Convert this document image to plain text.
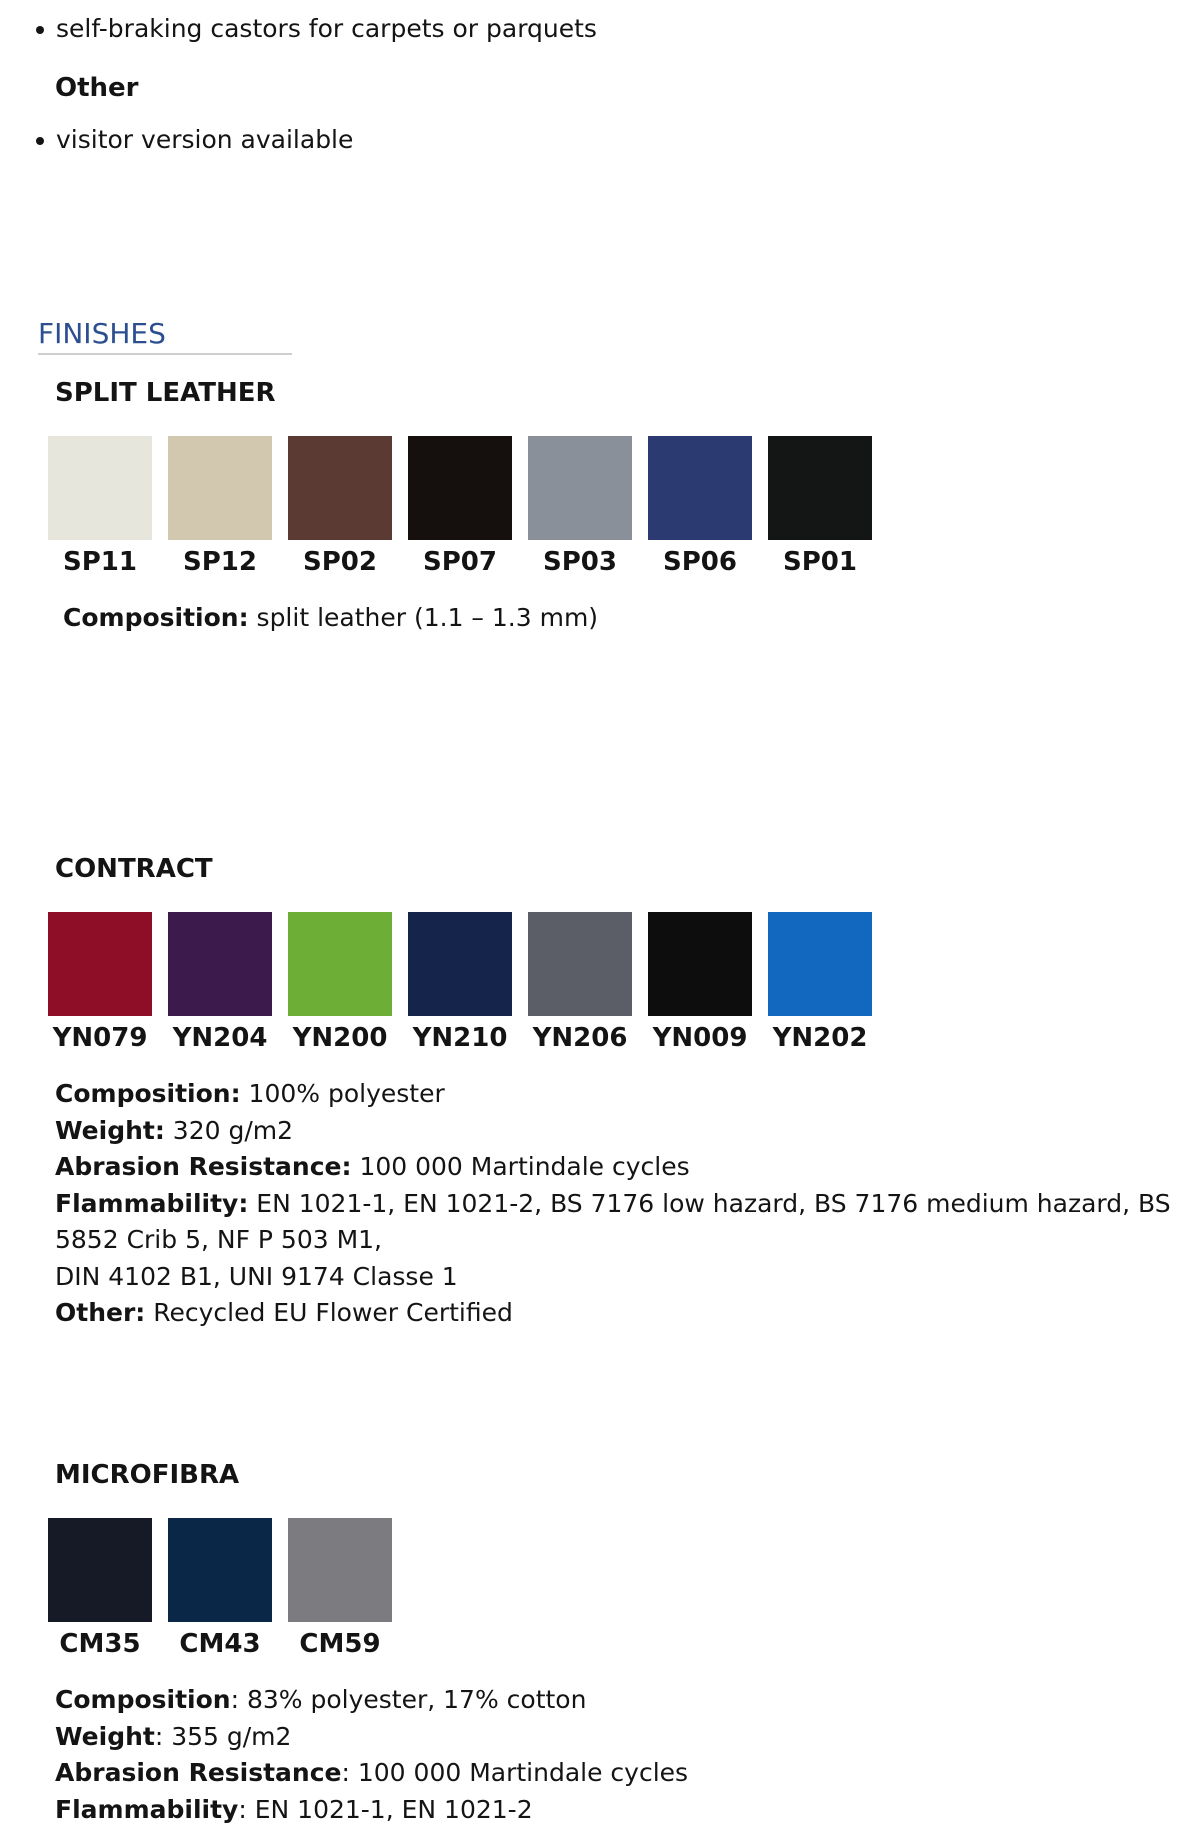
self-braking castors for carpets or parquets
Other
visitor version available
FINISHES
SPLIT LEATHER
SP11 SP12 SP02 SP07 SP03 SP06 SP01
Composition: split leather (1.1 – 1.3 mm)
CONTRACT
YN079 YN204 YN200 YN210 YN206 YN009 YN202
Composition: 100% polyester
Weight: 320 g/m2
Abrasion Resistance: 100 000 Martindale cycles
Flammability: EN 1021-1, EN 1021-2, BS 7176 low hazard, BS 7176 medium hazard, BS 5852 Crib 5, NF P 503 M1,
DIN 4102 B1, UNI 9174 Classe 1
Other: Recycled EU Flower Certified
MICROFIBRA
CM35 CM43 CM59
Composition: 83% polyester, 17% cotton
Weight: 355 g/m2
Abrasion Resistance: 100 000 Martindale cycles
Flammability: EN 1021-1, EN 1021-2
